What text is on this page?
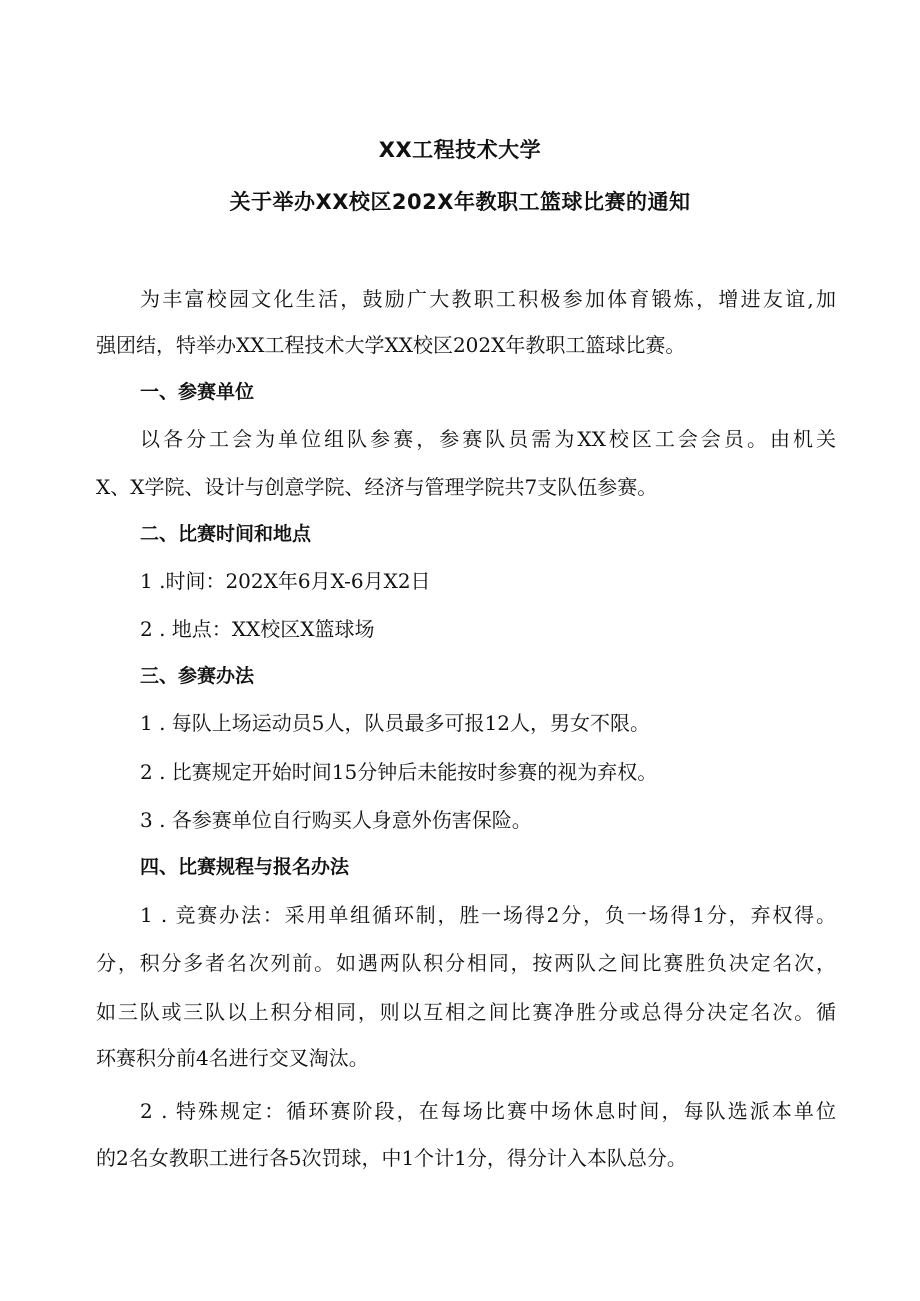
XX工程技术大学
关于举办XX校区202X年教职工篮球比赛的通知
为丰富校园文化生活，鼓励广大教职工积极参加体育锻炼，增进友谊,加
强团结，特举办XX工程技术大学XX校区202X年教职工篮球比赛。
一、参赛单位
以各分工会为单位组队参赛，参赛队员需为XX校区工会会员。由机关
X、X学院、设计与创意学院、经济与管理学院共7支队伍参赛。
二、比赛时间和地点
1 .时间：202X年6月X-6月X2日
2 . 地点：XX校区X篮球场
三、参赛办法
1 . 每队上场运动员5人，队员最多可报12人，男女不限。
2 . 比赛规定开始时间15分钟后未能按时参赛的视为弃权。
3 . 各参赛单位自行购买人身意外伤害保险。
四、比赛规程与报名办法
1 . 竞赛办法：采用单组循环制，胜一场得2分，负一场得1分，弃权得。
分，积分多者名次列前。如遇两队积分相同，按两队之间比赛胜负决定名次，
如三队或三队以上积分相同，则以互相之间比赛净胜分或总得分决定名次。循
环赛积分前4名进行交叉淘汰。
2 . 特殊规定：循环赛阶段，在每场比赛中场休息时间，每队选派本单位
的2名女教职工进行各5次罚球，中1个计1分，得分计入本队总分。
